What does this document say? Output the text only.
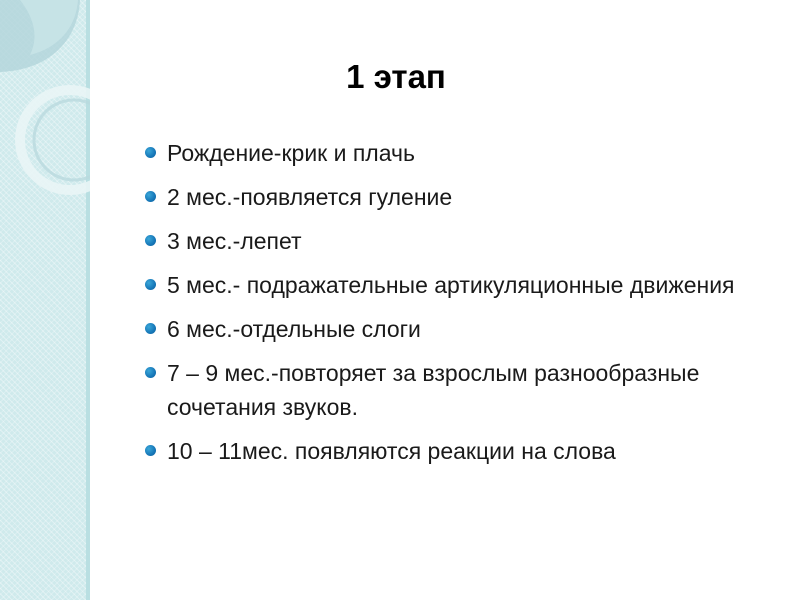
1 этап
Рождение-крик и плачь
2 мес.-появляется гуление
3 мес.-лепет
5 мес.- подражательные артикуляционные движения
6 мес.-отдельные слоги
7 – 9 мес.-повторяет за взрослым разнообразные сочетания звуков.
10 – 11мес. появляются реакции на слова
